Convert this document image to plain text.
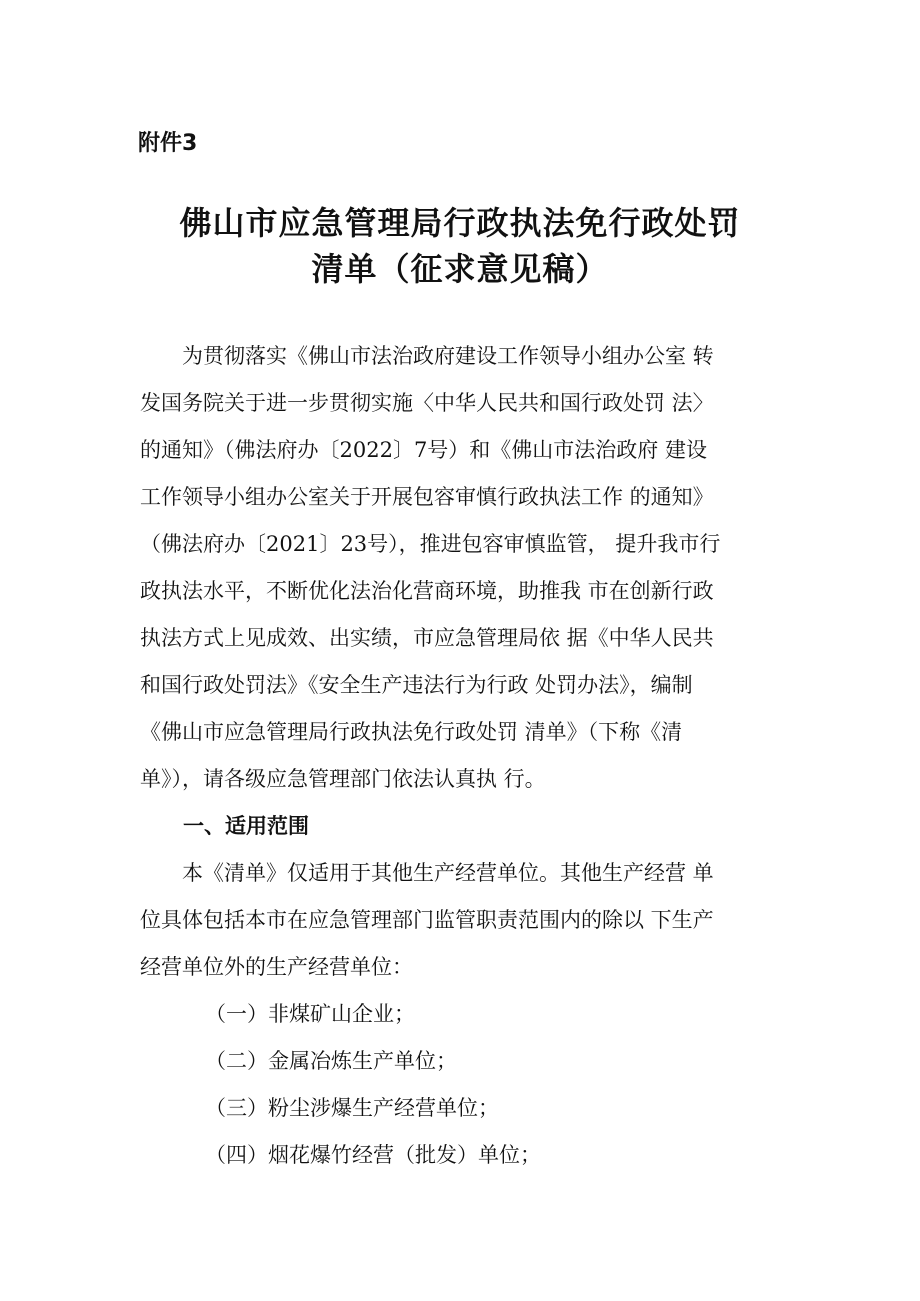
附件3
佛山市应急管理局行政执法免行政处罚
清单（征求意见稿）
　　为贯彻落实《佛山市法治政府建设工作领导小组办公室 转
发国务院关于进一步贯彻实施〈中华人民共和国行政处罚 法〉
的通知》（佛法府办〔2022〕7号）和《佛山市法治政府 建设
工作领导小组办公室关于开展包容审慎行政执法工作 的通知》
（佛法府办〔2021〕23号），推进包容审慎监管， 提升我市行
政执法水平，不断优化法治化营商环境，助推我 市在创新行政
执法方式上见成效、出实绩，市应急管理局依 据《中华人民共
和国行政处罚法》《安全生产违法行为行政 处罚办法》，编制
《佛山市应急管理局行政执法免行政处罚 清单》（下称《清
单》），请各级应急管理部门依法认真执 行。
一、适用范围
　　本《清单》仅适用于其他生产经营单位。其他生产经营 单
位具体包括本市在应急管理部门监管职责范围内的除以 下生产
经营单位外的生产经营单位：
（一）非煤矿山企业；
（二）金属冶炼生产单位；
（三）粉尘涉爆生产经营单位；
（四）烟花爆竹经营（批发）单位；
